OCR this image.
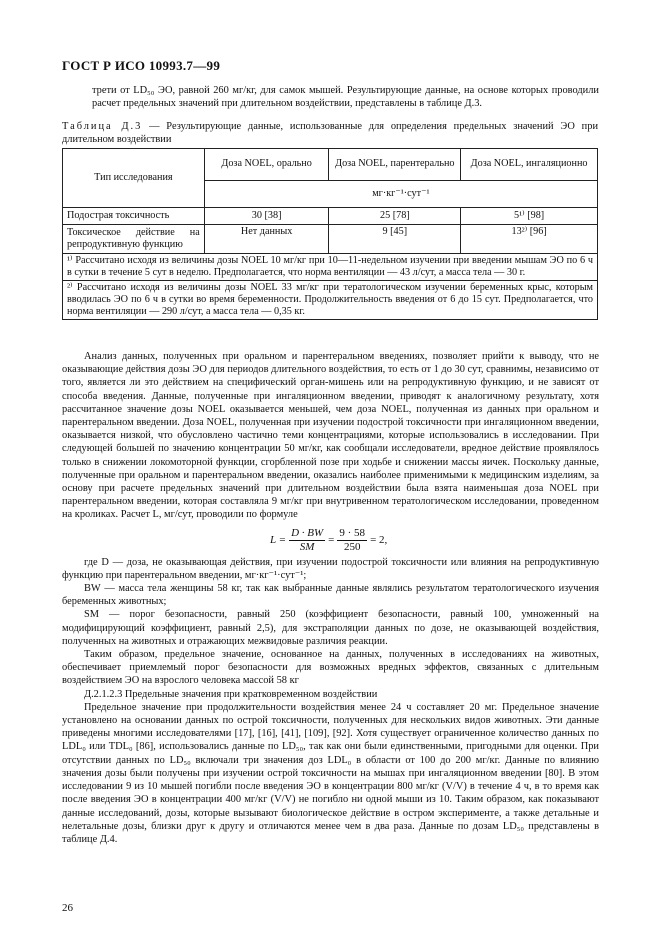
ГОСТ Р ИСО 10993.7—99
трети от LD₅₀ ЭО, равной 260 мг/кг, для самок мышей. Результирующие данные, на основе которых проводили расчет предельных значений при длительном воздействии, представлены в таблице Д.3.
Таблица Д.3 — Результирующие данные, использованные для определения предельных значений ЭО при длительном воздействии
Тип исследования	Доза NOEL, орально	Доза NOEL, парентерально	Доза NOEL, ингаляционно
	мг·кг⁻¹·сут⁻¹		
Подострая токсичность	30 [38]	25 [78]	5¹⁾ [98]
Токсическое действие на репродуктивную функцию	Нет данных	9 [45]	13²⁾ [96]
¹⁾ Рассчитано исходя из величины дозы NOEL 10 мг/кг при 10—11-недельном изучении при введении мышам ЭО по 6 ч в сутки в течение 5 сут в неделю. Предполагается, что норма вентиляции — 43 л/сут, а масса тела — 30 г.			
²⁾ Рассчитано исходя из величины дозы NOEL 33 мг/кг при тератологическом изучении беременных крыс, которым вводилась ЭО по 6 ч в сутки во время беременности. Продолжительность введения от 6 до 15 сут. Предполагается, что норма вентиляции — 290 л/сут, а масса тела — 0,35 кг.			

Анализ данных, полученных при оральном и парентеральном введениях, позволяет прийти к выводу, что не оказывающие действия дозы ЭО для периодов длительного воздействия, то есть от 1 до 30 сут, сравнимы, независимо от того, является ли это действием на специфический орган-мишень или на репродуктивную функцию, и не зависят от способа введения. Данные, полученные при ингаляционном введении, приводят к аналогичному результату, хотя рассчитанное значение дозы NOEL оказывается меньшей, чем доза NOEL, полученная из данных при оральном и парентеральном введении. Доза NOEL, полученная при изучении подострой токсичности при ингаляционном введении, оказывается низкой, что обусловлено частично теми концентрациями, которые использовались в исследовании. При следующей большей по значению концентрации 50 мг/кг, как сообщали исследователи, вредное действие проявлялось только в снижении локомоторной функции, сгорбленной позе при ходьбе и снижении массы яичек. Поскольку данные, полученные при оральном и парентеральном введении, оказались наиболее применимыми к медицинским изделиям, за основу при расчете предельных значений при длительном воздействии была взята наименьшая доза NOEL при парентеральном введении, которая составляла 9 мг/кг при внутривенном тератологическом исследовании, проведенном на кроликах. Расчет L, мг/сут, проводили по формуле

$L = \frac{D \cdot BW}{SM} = \frac{9 \cdot 58}{250} = 2$,

где D — доза, не оказывающая действия, при изучении подострой токсичности или влияния на репродуктивную функцию при парентеральном введении, мг·кг⁻¹·сут⁻¹;

BW — масса тела женщины 58 кг, так как выбранные данные являлись результатом тератологического изучения беременных животных;

SM — порог безопасности, равный 250 (коэффициент безопасности, равный 100, умноженный на модифицирующий коэффициент, равный 2,5), для экстраполяции данных по дозе, не оказывающей воздействия, полученных на животных и отражающих межвидовые различия реакции.

Таким образом, предельное значение, основанное на данных, полученных в исследованиях на животных, обеспечивает приемлемый порог безопасности для возможных вредных эффектов, связанных с длительным воздействием ЭО на взрослого человека массой 58 кг

Д.2.1.2.3 Предельные значения при кратковременном воздействии

Предельное значение при продолжительности воздействия менее 24 ч составляет 20 мг. Предельное значение установлено на основании данных по острой токсичности, полученных для нескольких видов животных. Эти данные приведены многими исследователями [17], [16], [41], [109], [92]. Хотя существует ограниченное количество данных по LDL₀ или TDL₀ [86], использовались данные по LD₅₀, так как они были единственными, пригодными для оценки. При отсутствии данных по LD₅₀ включали три значения доз LDL₀ в области от 100 до 200 мг/кг. Данные по влиянию значения дозы были получены при изучении острой токсичности на мышах при ингаляционном введении [80]. В этом исследовании 9 из 10 мышей погибли после введения ЭО в концентрации 800 мг/кг (V/V) в течение 4 ч, в то время как после введения ЭО в концентрации 400 мг/кг (V/V) не погибло ни одной мыши из 10. Таким образом, как показывают данные исследований, дозы, которые вызывают биологическое действие в остром эксперименте, а также детальные и нелетальные дозы, близки друг к другу и отличаются менее чем в два раза. Данные по дозам LD₅₀ представлены в таблице Д.4.

26
